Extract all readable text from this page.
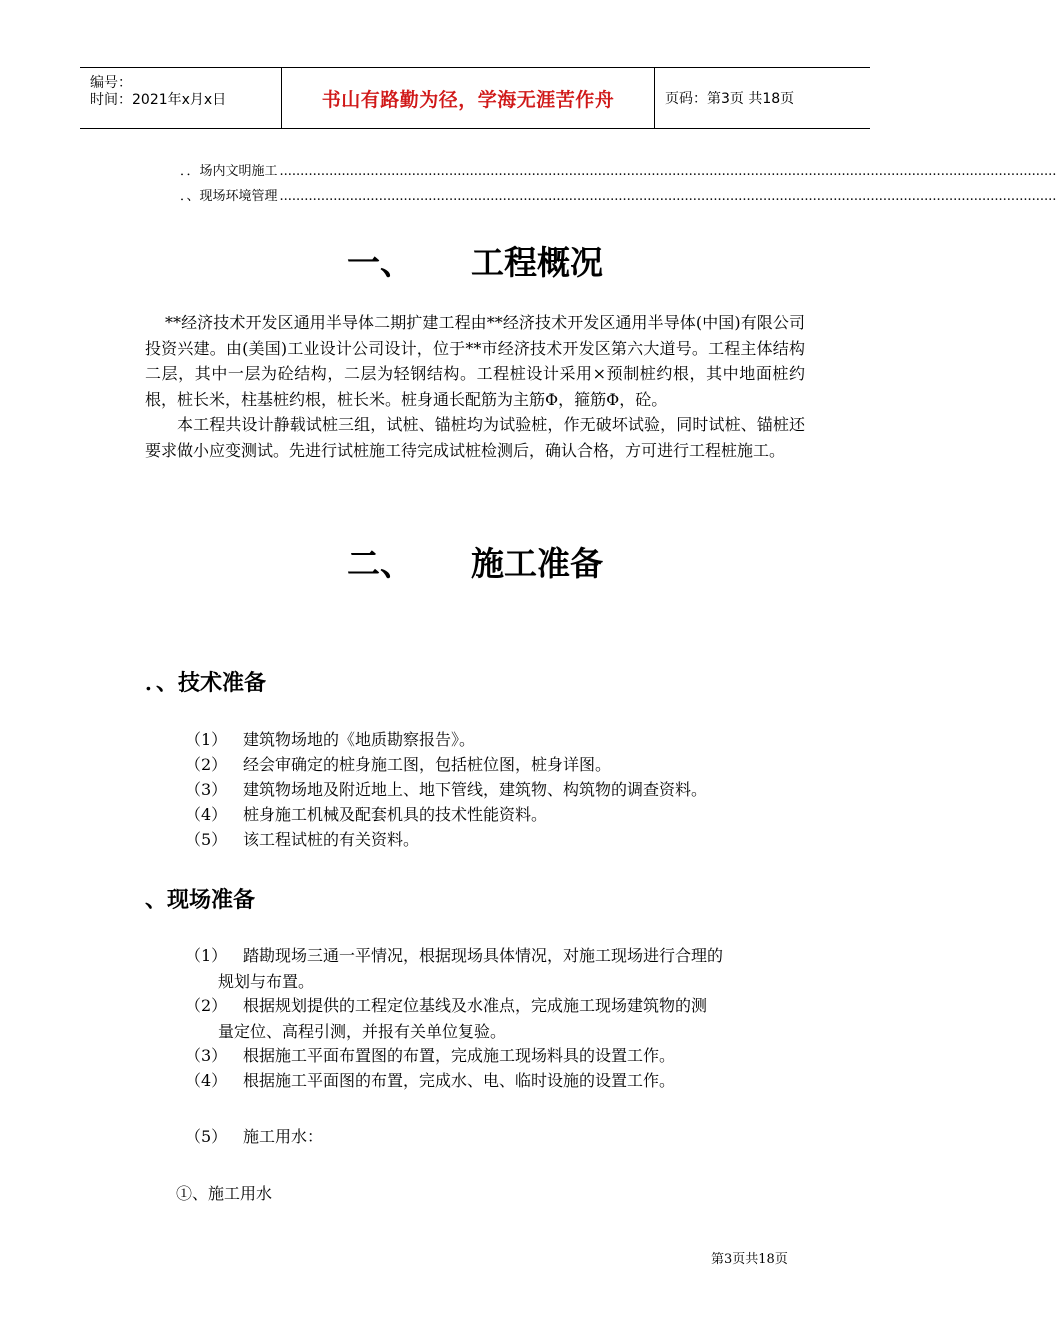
编号：
时间：2021年x月x日	书山有路勤为径，学海无涯苦作舟	页码：第3页 共18页
．．场内文明施工 ............................................................................................................................................................................................
．、现场环境管理 ............................................................................................................................................................................................
一、 工程概况

**经济技术开发区通用半导体二期扩建工程由**经济技术开发区通用半导体(中国)有限公司投资兴建。由(美国)工业设计公司设计，位于**市经济技术开发区第六大道号。工程主体结构二层，其中一层为砼结构，二层为轻钢结构。工程桩设计采用×预制桩约根，其中地面桩约根，桩长米，柱基桩约根，桩长米。桩身通长配筋为主筋Φ，箍筋Φ，砼。

本工程共设计静载试桩三组，试桩、锚桩均为试验桩，作无破坏试验，同时试桩、锚桩还要求做小应变测试。先进行试桩施工待完成试桩检测后，确认合格，方可进行工程桩施工。

二、 施工准备
．、技术准备
（1） 建筑物场地的《地质勘察报告》。
（2） 经会审确定的桩身施工图，包括桩位图，桩身详图。
（3） 建筑物场地及附近地上、地下管线，建筑物、构筑物的调查资料。
（4） 桩身施工机械及配套机具的技术性能资料。
（5） 该工程试桩的有关资料。
、现场准备
（1） 踏勘现场三通一平情况，根据现场具体情况，对施工现场进行合理的
规划与布置。
（2） 根据规划提供的工程定位基线及水准点，完成施工现场建筑物的测
量定位、高程引测，并报有关单位复验。
（3） 根据施工平面布置图的布置，完成施工现场料具的设置工作。
（4） 根据施工平面图的布置，完成水、电、临时设施的设置工作。
（5） 施工用水：
①、施工用水
第3页共18页
